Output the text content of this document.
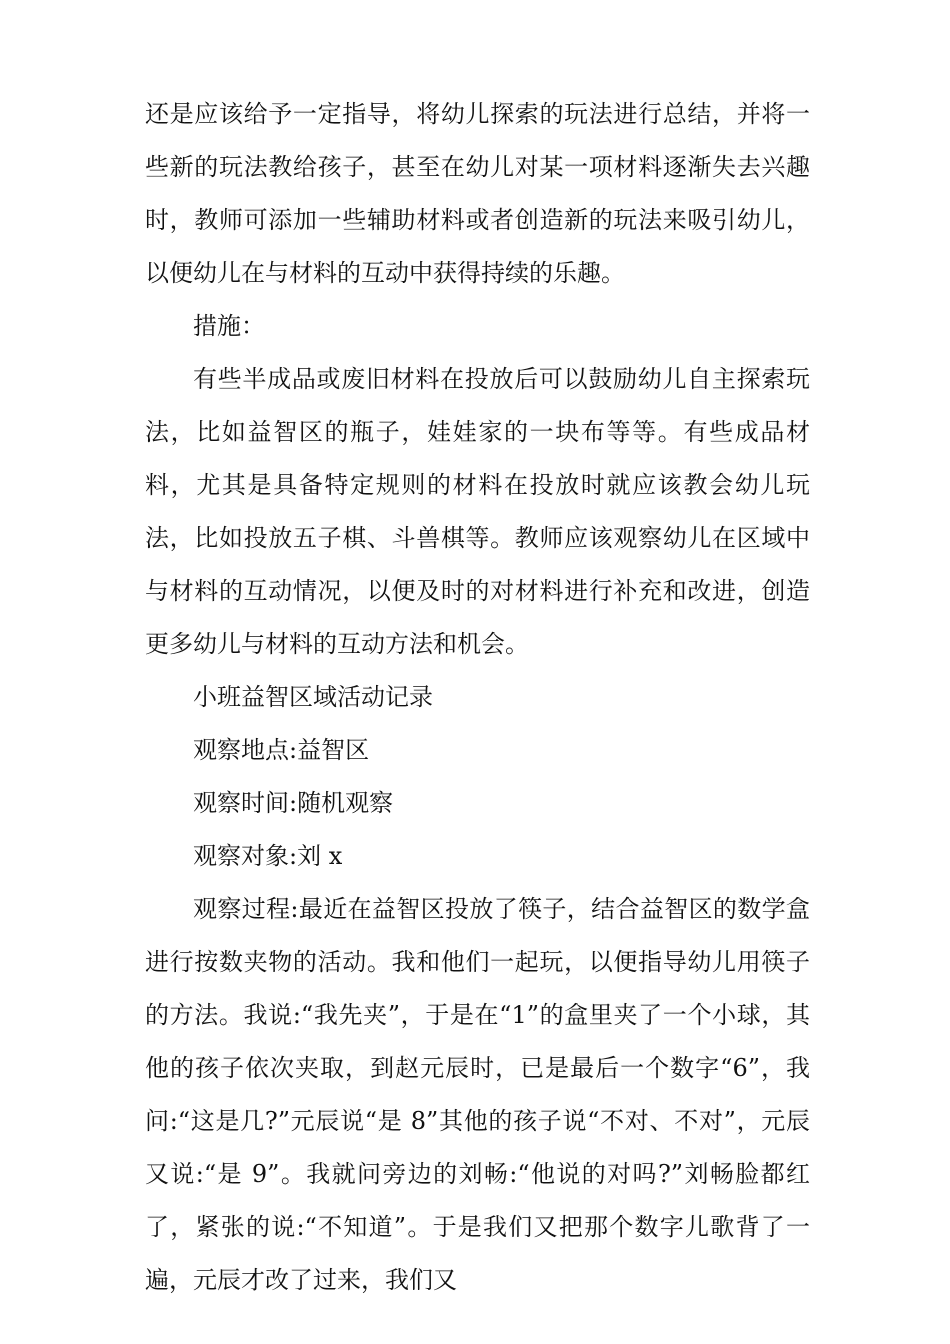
还是应该给予一定指导，将幼儿探索的玩法进行总结，并将一些新的玩法教给孩子，甚至在幼儿对某一项材料逐渐失去兴趣时，教师可添加一些辅助材料或者创造新的玩法来吸引幼儿，以便幼儿在与材料的互动中获得持续的乐趣。

措施：

有些半成品或废旧材料在投放后可以鼓励幼儿自主探索玩法，比如益智区的瓶子，娃娃家的一块布等等。有些成品材料，尤其是具备特定规则的材料在投放时就应该教会幼儿玩法，比如投放五子棋、斗兽棋等。教师应该观察幼儿在区域中与材料的互动情况，以便及时的对材料进行补充和改进，创造更多幼儿与材料的互动方法和机会。

小班益智区域活动记录

观察地点:益智区

观察时间:随机观察

观察对象:刘 x

观察过程:最近在益智区投放了筷子，结合益智区的数学盒进行按数夹物的活动。我和他们一起玩，以便指导幼儿用筷子的方法。我说:“我先夹”，于是在“1”的盒里夹了一个小球，其他的孩子依次夹取，到赵元辰时，已是最后一个数字“6”，我问:“这是几?”元辰说“是 8”其他的孩子说“不对、不对”，元辰又说:“是 9”。我就问旁边的刘畅:“他说的对吗?”刘畅脸都红了，紧张的说:“不知道”。于是我们又把那个数字儿歌背了一遍，元辰才改了过来，我们又
